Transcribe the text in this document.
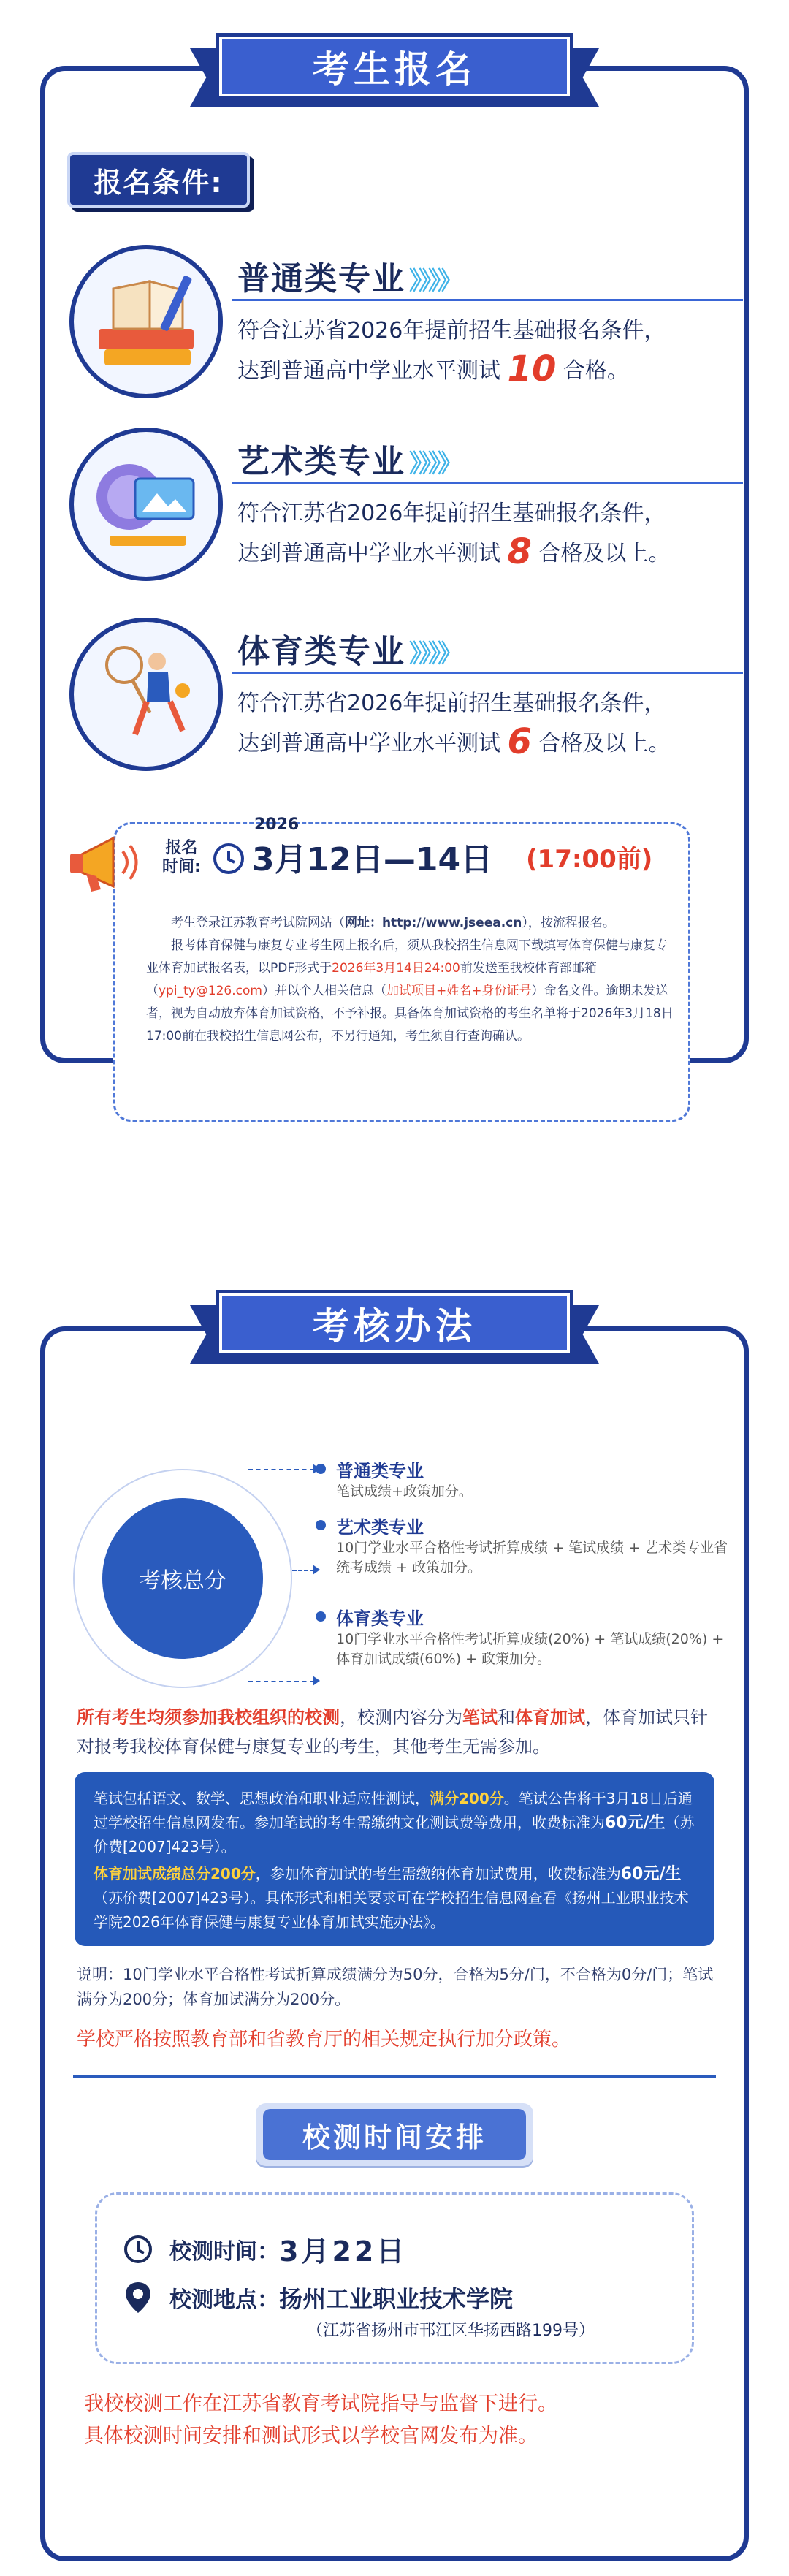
考生报名
报名条件:
普通类专业 》》》》
符合江苏省2026年提前招生基础报名条件，
达到普通高中学业水平测试 10 合格。
艺术类专业 》》》》
符合江苏省2026年提前招生基础报名条件，
达到普通高中学业水平测试 8 合格及以上。
体育类专业 》》》》
符合江苏省2026年提前招生基础报名条件，
达到普通高中学业水平测试 6 合格及以上。
报名
时间:
2026
3月12日—14日 (17:00前)

考生登录江苏教育考试院网站（网址：http://www.jseea.cn），按流程报名。

报考体育保健与康复专业考生网上报名后，须从我校招生信息网下载填写体育保健与康复专业体育加试报名表，以PDF形式于2026年3月14日24:00前发送至我校体育部邮箱（ypi_ty@126.com）并以个人相关信息（加试项目+姓名+身份证号）命名文件。逾期未发送者，视为自动放弃体育加试资格，不予补报。具备体育加试资格的考生名单将于2026年3月18日17:00前在我校招生信息网公布，不另行通知，考生须自行查询确认。

考核办法
考核总分
普通类专业
笔试成绩+政策加分。
艺术类专业
10门学业水平合格性考试折算成绩 + 笔试成绩 + 艺术类专业省统考成绩 + 政策加分。
体育类专业
10门学业水平合格性考试折算成绩(20%) + 笔试成绩(20%) + 体育加试成绩(60%) + 政策加分。
所有考生均须参加我校组织的校测，校测内容分为笔试和体育加试，体育加试只针对报考我校体育保健与康复专业的考生，其他考生无需参加。
笔试包括语文、数学、思想政治和职业适应性测试，满分200分。笔试公告将于3月18日后通过学校招生信息网发布。参加笔试的考生需缴纳文化测试费等费用，收费标准为60元/生（苏价费[2007]423号）。
体育加试成绩总分200分，参加体育加试的考生需缴纳体育加试费用，收费标准为60元/生（苏价费[2007]423号）。具体形式和相关要求可在学校招生信息网查看《扬州工业职业技术学院2026年体育保健与康复专业体育加试实施办法》。
说明：10门学业水平合格性考试折算成绩满分为50分，合格为5分/门，不合格为0分/门；笔试满分为200分；体育加试满分为200分。
学校严格按照教育部和省教育厅的相关规定执行加分政策。
校测时间安排
校测时间： 3月22日
校测地点： 扬州工业职业技术学院
（江苏省扬州市邗江区华扬西路199号）
我校校测工作在江苏省教育考试院指导与监督下进行。
具体校测时间安排和测试形式以学校官网发布为准。
